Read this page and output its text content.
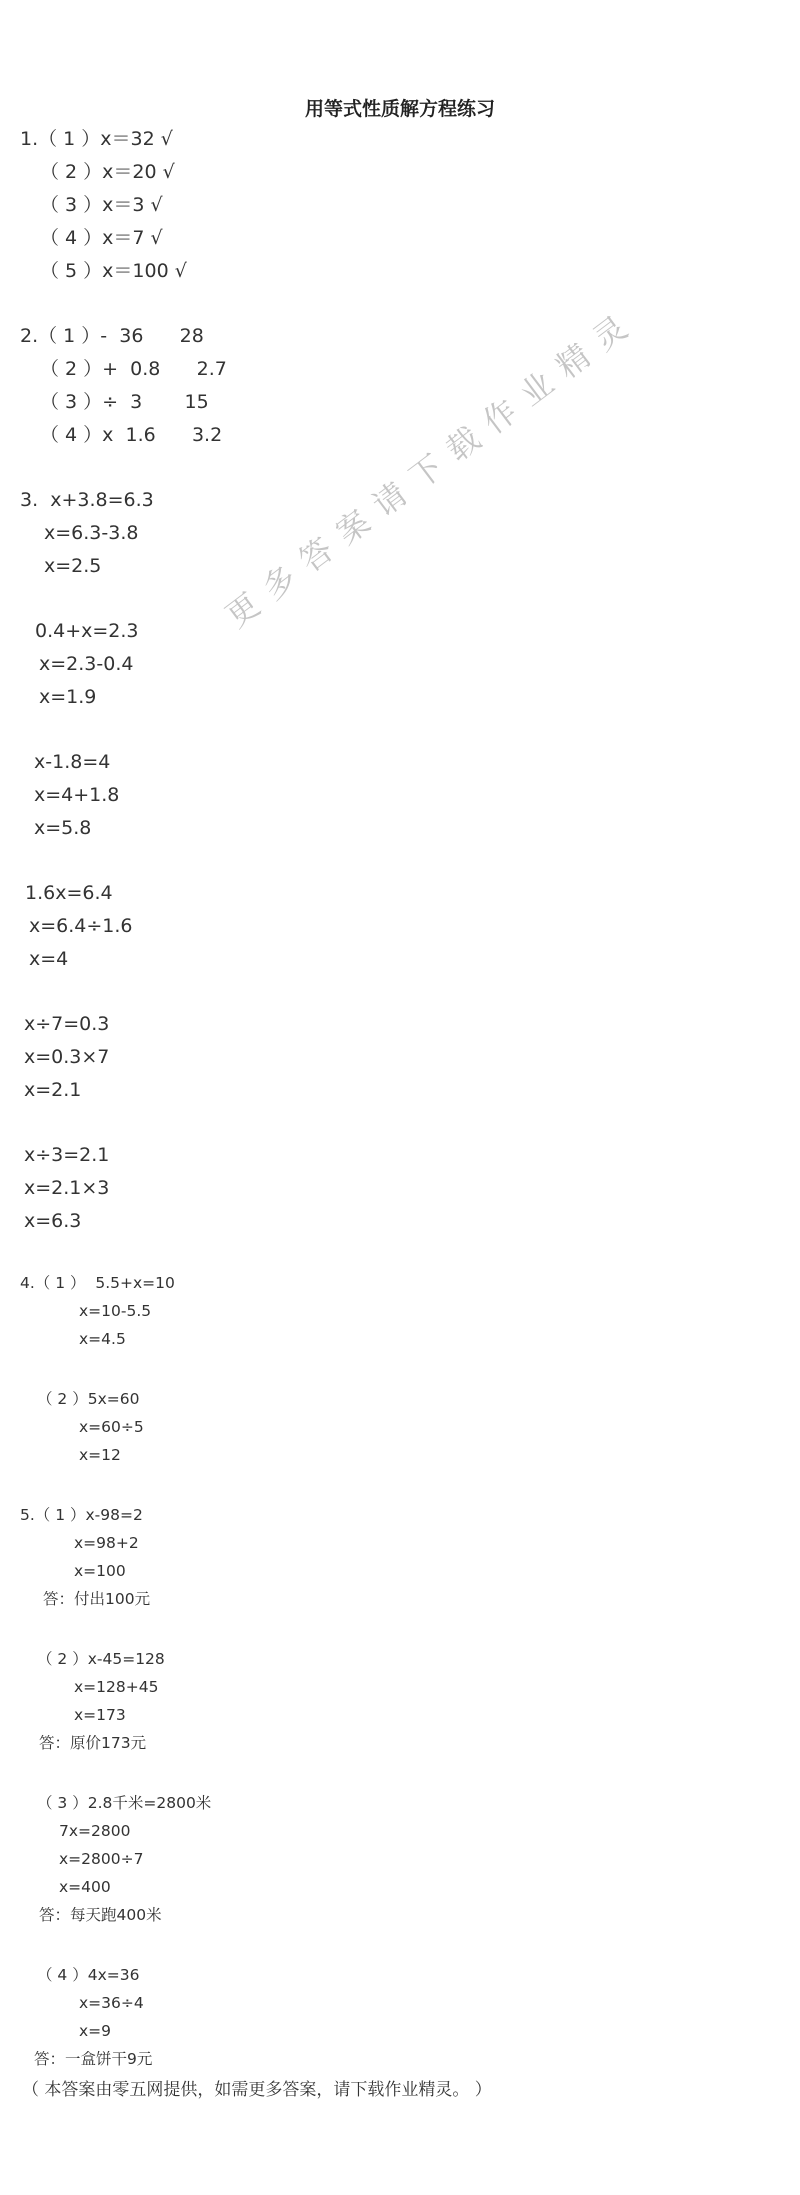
用等式性质解方程练习
更多答案请下载作业精灵

1.（ 1 ）x＝32 √

（ 2 ）x＝20 √

（ 3 ）x＝3 √

（ 4 ）x＝7 √

（ 5 ）x＝100 √

2.（ 1 ）-  36      28

（ 2 ）+  0.8      2.7

（ 3 ）÷  3       15

（ 4 ）x  1.6      3.2

3.  x+3.8=6.3

x=6.3-3.8

x=2.5

0.4+x=2.3

x=2.3-0.4

x=1.9

x-1.8=4

x=4+1.8

x=5.8

1.6x=6.4

x=6.4÷1.6

x=4

x÷7=0.3

x=0.3×7

x=2.1

x÷3=2.1

x=2.1×3

x=6.3

4.（ 1 ）  5.5+x=10

x=10-5.5

x=4.5

（ 2 ）5x=60

x=60÷5

x=12

5.（ 1 ）x-98=2

x=98+2

x=100

答：付出100元

（ 2 ）x-45=128

x=128+45

x=173

答：原价173元

（ 3 ）2.8千米=2800米

7x=2800

x=2800÷7

x=400

答：每天跑400米

（ 4 ）4x=36

x=36÷4

x=9

答：一盒饼干9元

（ 本答案由零五网提供，如需更多答案，请下载作业精灵。 ）
